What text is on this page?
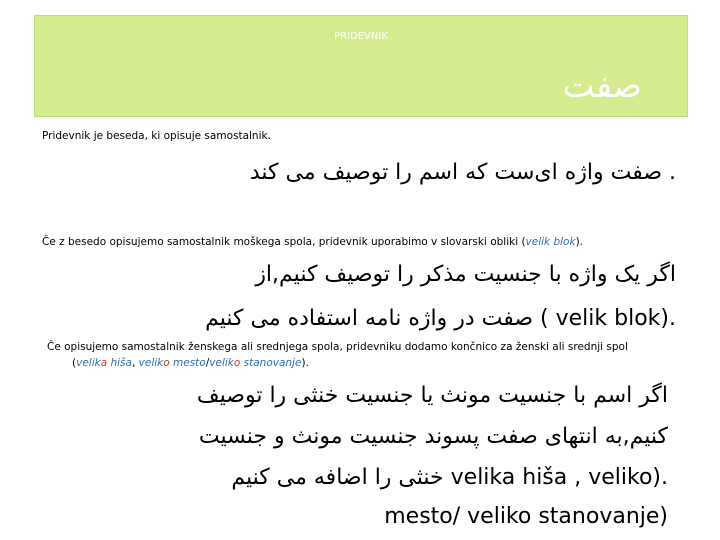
PRIDEVNIK
صفت
Pridevnik je beseda, ki opisuje samostalnik.
. صفت واژه ای‌ست که اسم را توصیف می کند
Če z besedo opisujemo samostalnik moškega spola, pridevnik uporabimo v slovarski obliki (velik blok).
اگر یک واژه با جنسیت مذکر را توصیف کنیم,از
.(velik blok ) صفت در واژه نامه استفاده می کنیم
Če opisujemo samostalnik ženskega ali srednjega spola, pridevniku dodamo končnico za ženski ali srednji spol
(velika hiša, veliko mesto/veliko stanovanje).
اگر اسم با جنسیت مونث یا جنسیت خنثی را توصیف
کنیم,به انتهای صفت پسوند جنسیت مونث و جنسیت
.(velika hiša , veliko خنثی را اضافه می کنیم
mesto/ veliko stanovanje)
